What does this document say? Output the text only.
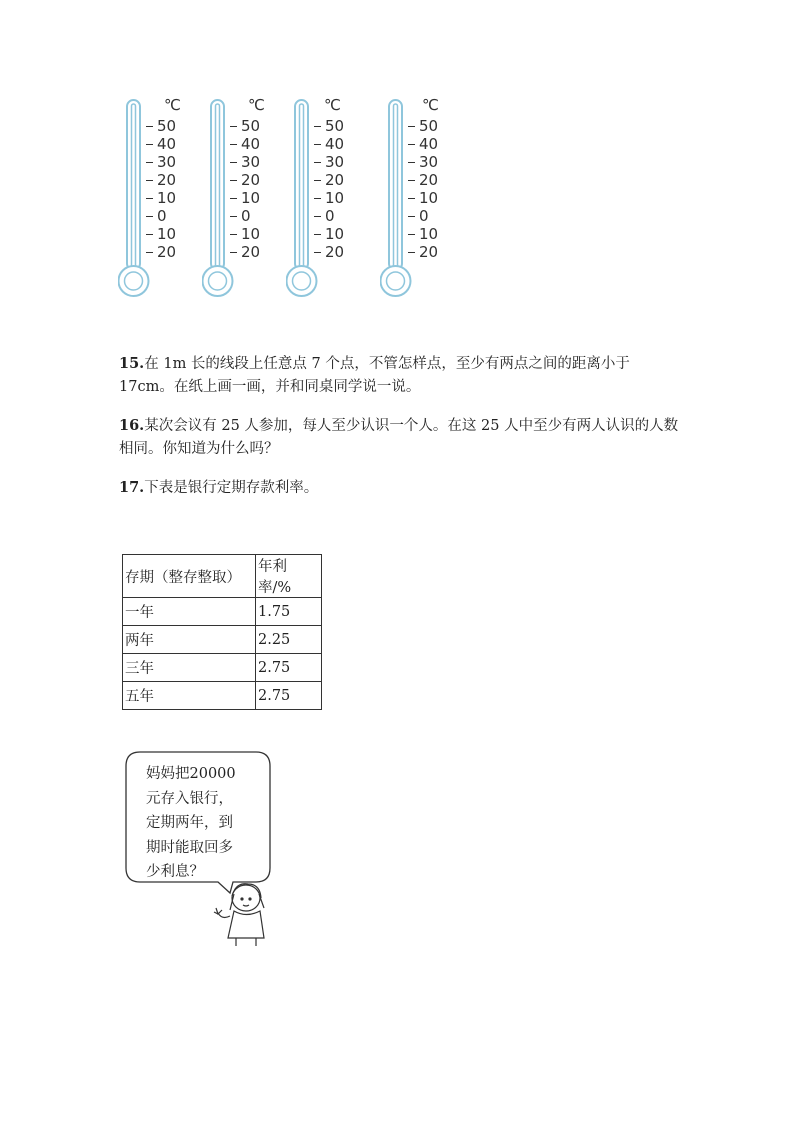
℃
50
40
30
20
10
0
10
20
℃
50
40
30
20
10
0
10
20
℃
50
40
30
20
10
0
10
20
℃
50
40
30
20
10
0
10
20
15.在 1m 长的线段上任意点 7 个点，不管怎样点，至少有两点之间的距离小于 17cm。在纸上画一画，并和同桌同学说一说。
16.某次会议有 25 人参加，每人至少认识一个人。在这 25 人中至少有两人认识的人数相同。你知道为什么吗？
17.下表是银行定期存款利率。
存期（整存整取）	年利率/%
一年	1.75
两年	2.25
三年	2.75
五年	2.75
妈妈把20000
元存入银行，
定期两年，到
期时能取回多
少利息？
